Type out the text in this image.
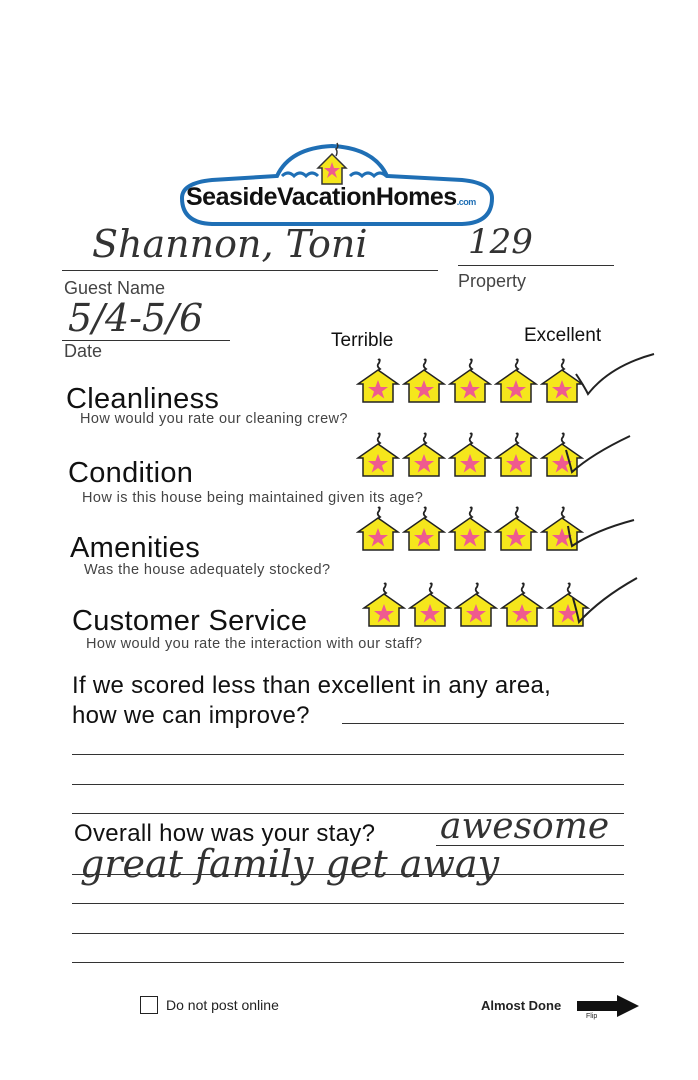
SeasideVacationHomes.com
Shannon, Toni
Guest Name
129
Property
5/4-5/6
Date	Terrible	Excellent
Cleanliness
How would you rate our cleaning crew?
Condition
How is this house being maintained given its age?
Amenities
Was the house adequately stocked?
Customer Service
How would you rate the interaction with our staff?
If we scored less than excellent in any area,
how we can improve?
Overall how was your stay? awesome
great family get away
Do not post online	Almost Done
Flip
